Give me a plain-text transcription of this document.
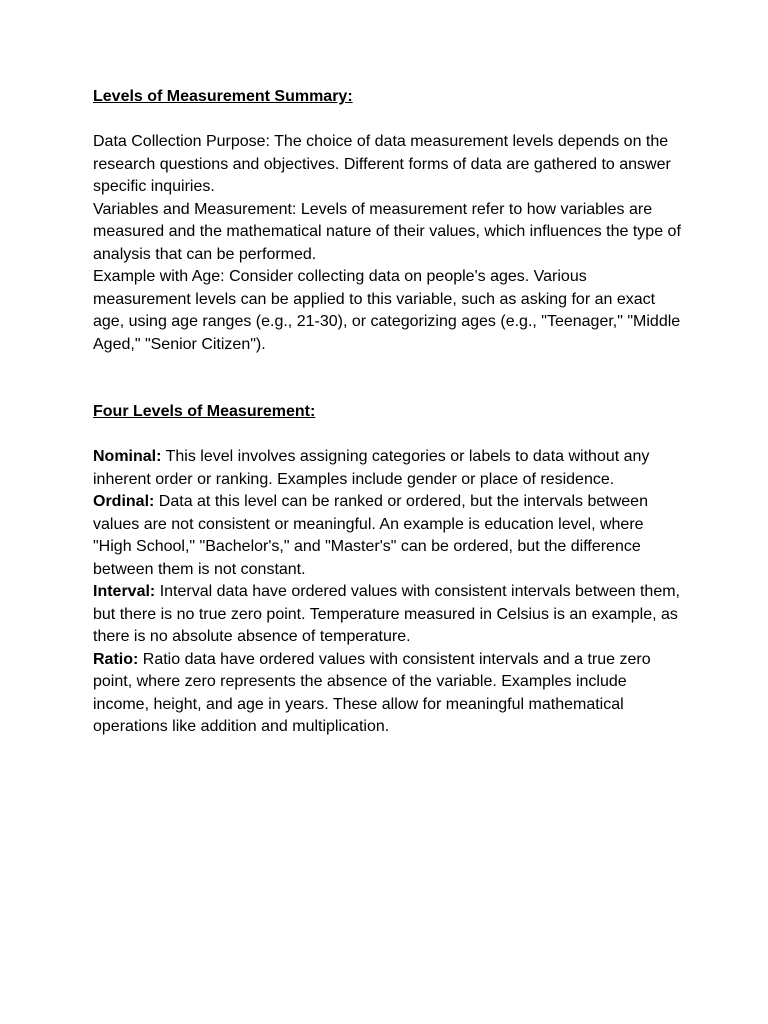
Levels of Measurement Summary:

Data Collection Purpose: The choice of data measurement levels depends on the research questions and objectives. Different forms of data are gathered to answer specific inquiries.

Variables and Measurement: Levels of measurement refer to how variables are measured and the mathematical nature of their values, which influences the type of analysis that can be performed.

Example with Age: Consider collecting data on people's ages. Various measurement levels can be applied to this variable, such as asking for an exact age, using age ranges (e.g., 21-30), or categorizing ages (e.g., "Teenager," "Middle Aged," "Senior Citizen").

Four Levels of Measurement:

Nominal: This level involves assigning categories or labels to data without any inherent order or ranking. Examples include gender or place of residence.

Ordinal: Data at this level can be ranked or ordered, but the intervals between values are not consistent or meaningful. An example is education level, where "High School," "Bachelor's," and "Master's" can be ordered, but the difference between them is not constant.

Interval: Interval data have ordered values with consistent intervals between them, but there is no true zero point. Temperature measured in Celsius is an example, as there is no absolute absence of temperature.

Ratio: Ratio data have ordered values with consistent intervals and a true zero point, where zero represents the absence of the variable. Examples include income, height, and age in years. These allow for meaningful mathematical operations like addition and multiplication.
